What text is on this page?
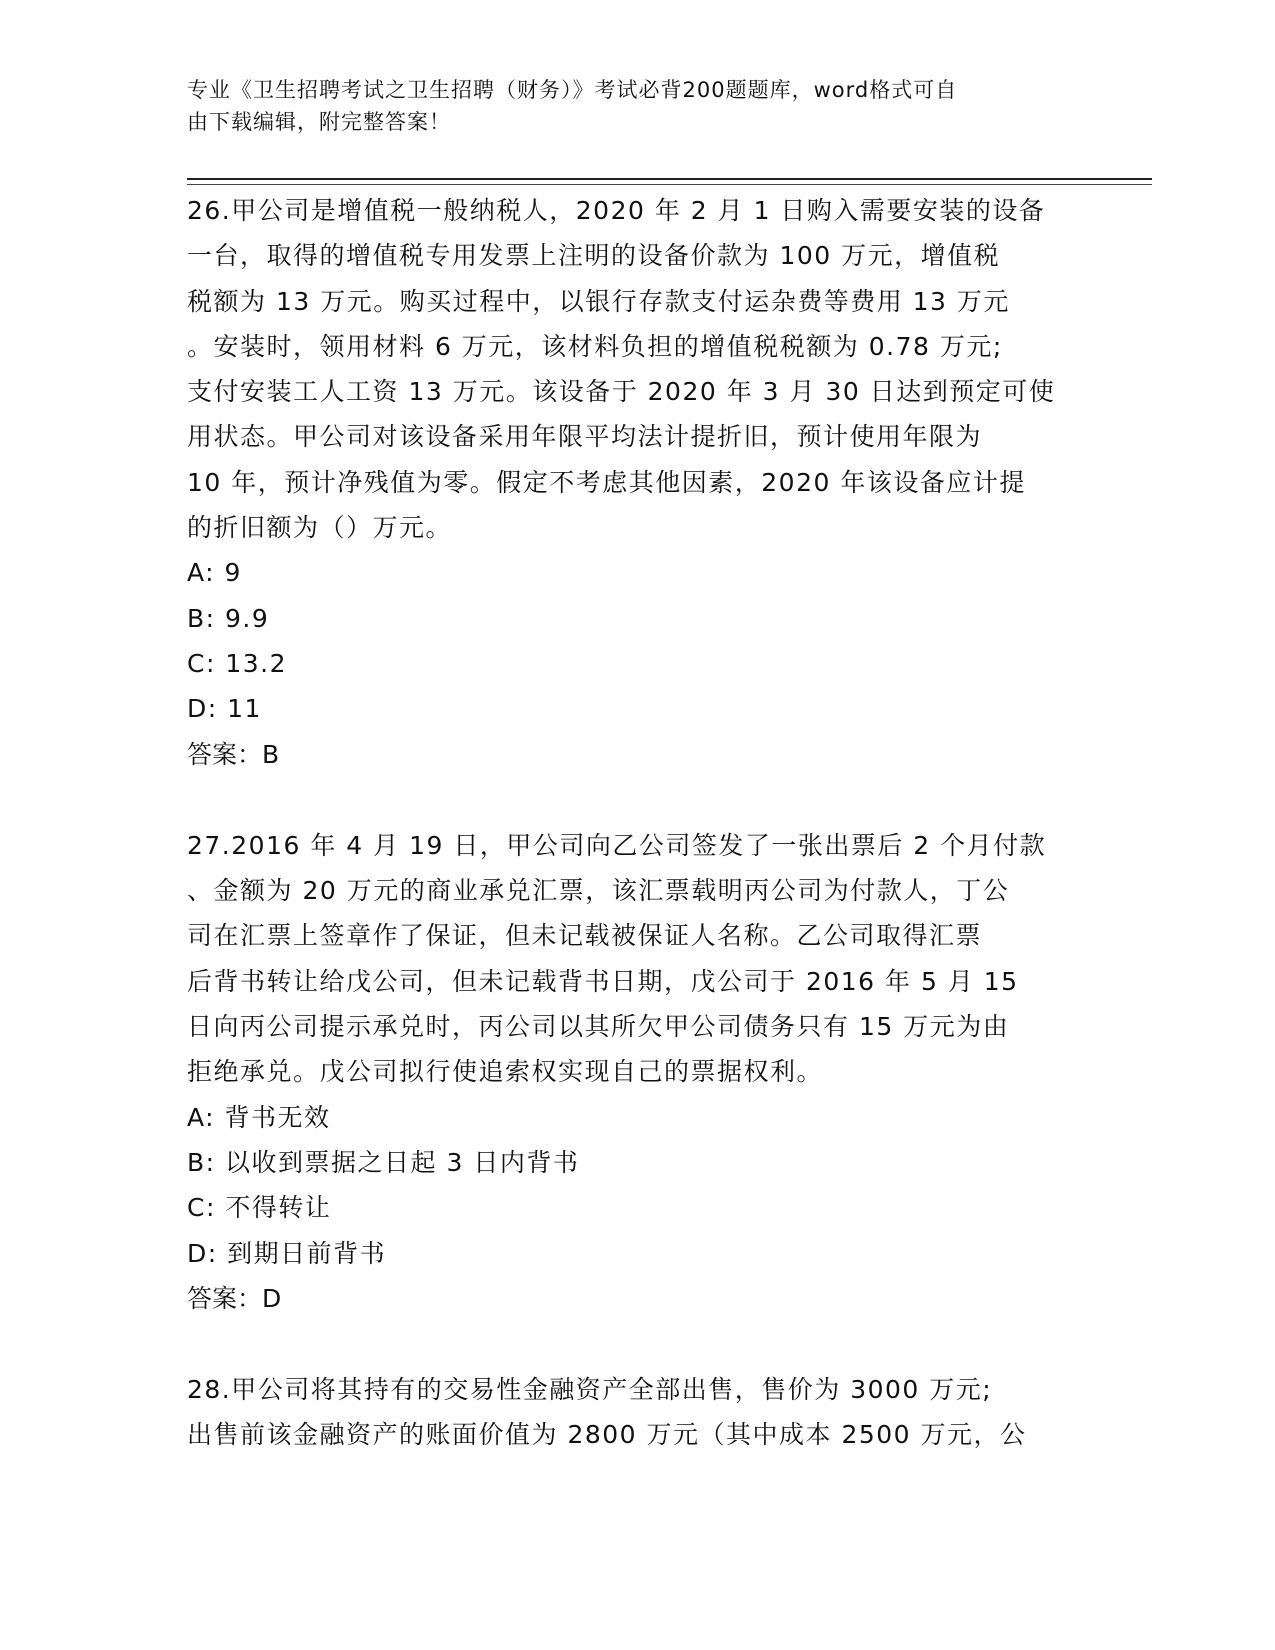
专业《卫生招聘考试之卫生招聘（财务）》考试必背200题题库，word格式可自
由下载编辑，附完整答案！
26.甲公司是增值税一般纳税人，2020 年 2 月 1 日购入需要安装的设备
一台，取得的增值税专用发票上注明的设备价款为 100 万元，增值税
税额为 13 万元。购买过程中，以银行存款支付运杂费等费用 13 万元
。安装时，领用材料 6 万元，该材料负担的增值税税额为 0.78 万元;
支付安装工人工资 13 万元。该设备于 2020 年 3 月 30 日达到预定可使
用状态。甲公司对该设备采用年限平均法计提折旧，预计使用年限为
10 年，预计净残值为零。假定不考虑其他因素，2020 年该设备应计提
的折旧额为（）万元。
A: 9
B: 9.9
C: 13.2
D: 11
答案：B
27.2016 年 4 月 19 日，甲公司向乙公司签发了一张出票后 2 个月付款
、金额为 20 万元的商业承兑汇票，该汇票载明丙公司为付款人，丁公
司在汇票上签章作了保证，但未记载被保证人名称。乙公司取得汇票
后背书转让给戊公司，但未记载背书日期，戊公司于 2016 年 5 月 15
日向丙公司提示承兑时，丙公司以其所欠甲公司债务只有 15 万元为由
拒绝承兑。戊公司拟行使追索权实现自己的票据权利。
A: 背书无效
B: 以收到票据之日起 3 日内背书
C: 不得转让
D: 到期日前背书
答案：D
28.甲公司将其持有的交易性金融资产全部出售，售价为 3000 万元;
出售前该金融资产的账面价值为 2800 万元（其中成本 2500 万元，公
